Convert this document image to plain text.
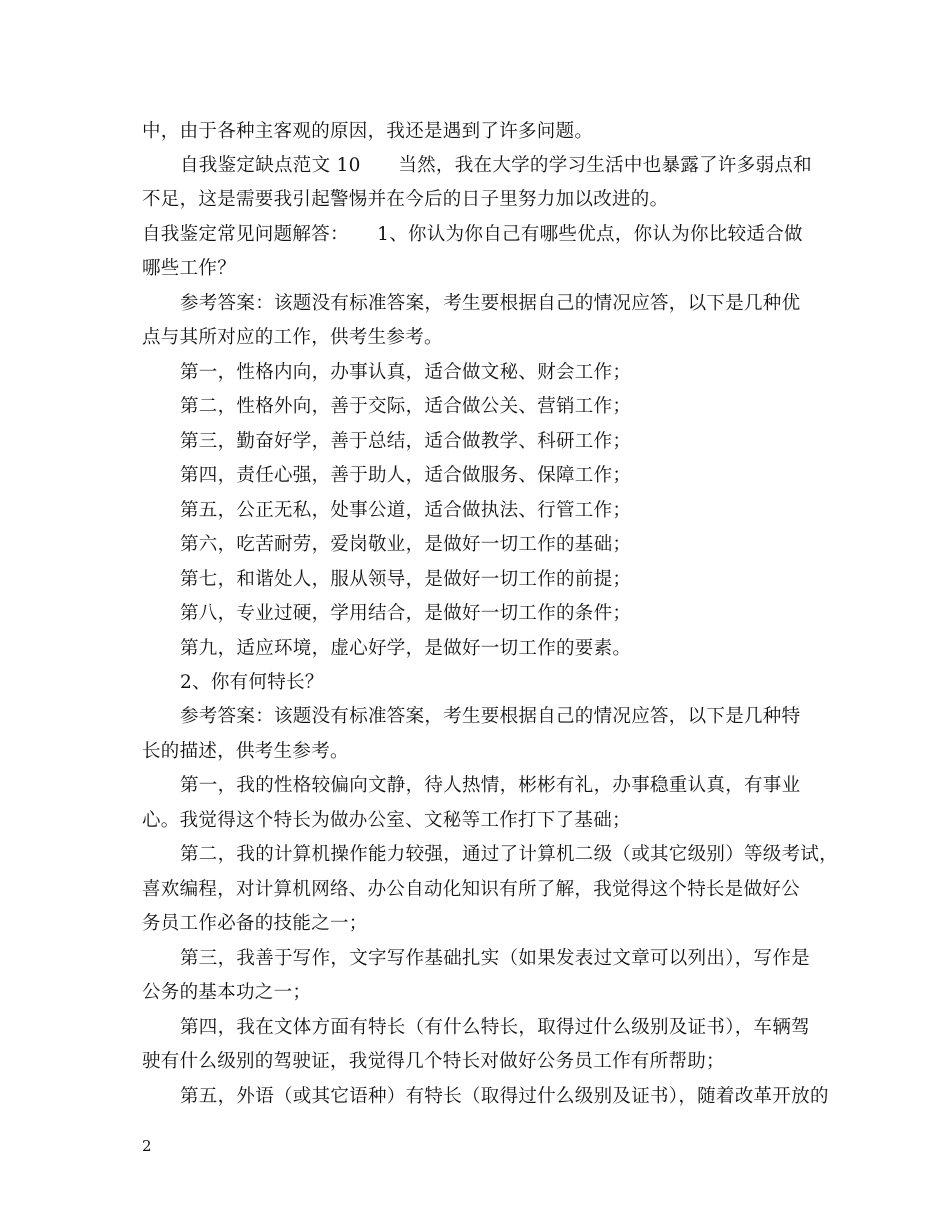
中，由于各种主客观的原因，我还是遇到了许多问题。
自我鉴定缺点范文 10　　当然，我在大学的学习生活中也暴露了许多弱点和
不足，这是需要我引起警惕并在今后的日子里努力加以改进的。
自我鉴定常见问题解答：　　1、你认为你自己有哪些优点，你认为你比较适合做
哪些工作？
参考答案：该题没有标准答案，考生要根据自己的情况应答，以下是几种优
点与其所对应的工作，供考生参考。
第一，性格内向，办事认真，适合做文秘、财会工作；
第二，性格外向，善于交际，适合做公关、营销工作；
第三，勤奋好学，善于总结，适合做教学、科研工作；
第四，责任心强，善于助人，适合做服务、保障工作；
第五，公正无私，处事公道，适合做执法、行管工作；
第六，吃苦耐劳，爱岗敬业，是做好一切工作的基础；
第七，和谐处人，服从领导，是做好一切工作的前提；
第八，专业过硬，学用结合，是做好一切工作的条件；
第九，适应环境，虚心好学，是做好一切工作的要素。
2、你有何特长？
参考答案：该题没有标准答案，考生要根据自己的情况应答，以下是几种特
长的描述，供考生参考。
第一，我的性格较偏向文静，待人热情，彬彬有礼，办事稳重认真，有事业
心。我觉得这个特长为做办公室、文秘等工作打下了基础；
第二，我的计算机操作能力较强，通过了计算机二级（或其它级别）等级考试，
喜欢编程，对计算机网络、办公自动化知识有所了解，我觉得这个特长是做好公
务员工作必备的技能之一；
第三，我善于写作，文字写作基础扎实（如果发表过文章可以列出），写作是
公务的基本功之一；
第四，我在文体方面有特长（有什么特长，取得过什么级别及证书），车辆驾
驶有什么级别的驾驶证，我觉得几个特长对做好公务员工作有所帮助；
第五，外语（或其它语种）有特长（取得过什么级别及证书），随着改革开放的
2
